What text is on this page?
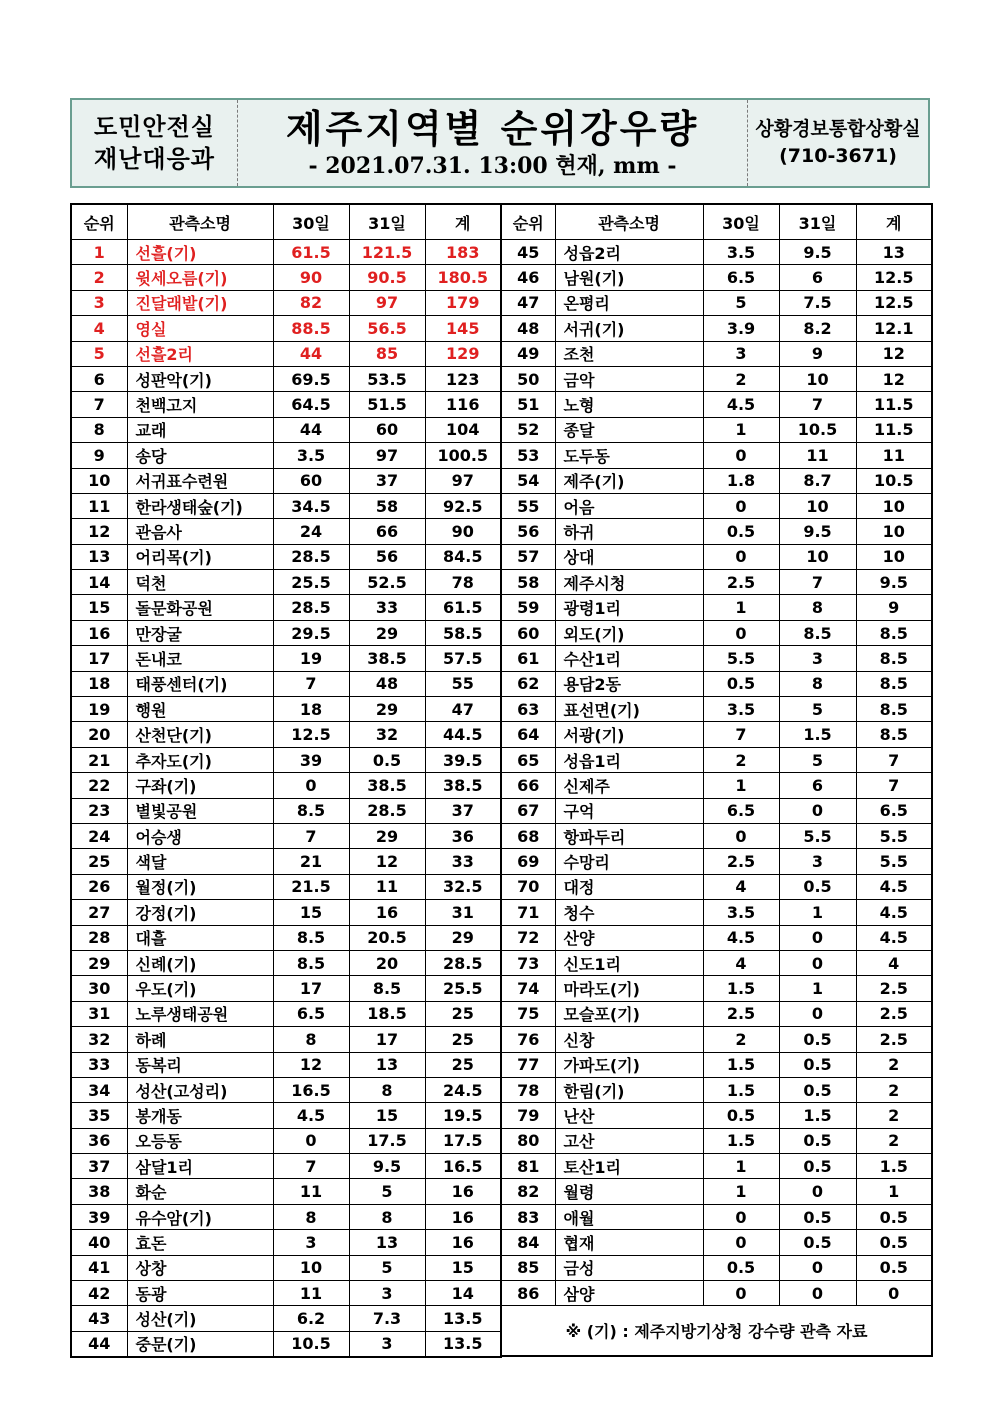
도민안전실
재난대응과
제주지역별 순위강우량
- 2021.07.31. 13:00 현재, mm -
상황경보통합상황실
(710-3671)
순위	관측소명	30일	31일	계
1	선흘(기)	61.5	121.5	183
2	윗세오름(기)	90	90.5	180.5
3	진달래밭(기)	82	97	179
4	영실	88.5	56.5	145
5	선흘2리	44	85	129
6	성판악(기)	69.5	53.5	123
7	천백고지	64.5	51.5	116
8	교래	44	60	104
9	송당	3.5	97	100.5
10	서귀표수련원	60	37	97
11	한라생태숲(기)	34.5	58	92.5
12	관음사	24	66	90
13	어리목(기)	28.5	56	84.5
14	덕천	25.5	52.5	78
15	돌문화공원	28.5	33	61.5
16	만장굴	29.5	29	58.5
17	돈내코	19	38.5	57.5
18	태풍센터(기)	7	48	55
19	행원	18	29	47
20	산천단(기)	12.5	32	44.5
21	추자도(기)	39	0.5	39.5
22	구좌(기)	0	38.5	38.5
23	별빛공원	8.5	28.5	37
24	어승생	7	29	36
25	색달	21	12	33
26	월정(기)	21.5	11	32.5
27	강정(기)	15	16	31
28	대흘	8.5	20.5	29
29	신례(기)	8.5	20	28.5
30	우도(기)	17	8.5	25.5
31	노루생태공원	6.5	18.5	25
32	하례	8	17	25
33	동복리	12	13	25
34	성산(고성리)	16.5	8	24.5
35	봉개동	4.5	15	19.5
36	오등동	0	17.5	17.5
37	삼달1리	7	9.5	16.5
38	화순	11	5	16
39	유수암(기)	8	8	16
40	효돈	3	13	16
41	상창	10	5	15
42	동광	11	3	14
43	성산(기)	6.2	7.3	13.5
44	중문(기)	10.5	3	13.5
순위	관측소명	30일	31일	계
45	성읍2리	3.5	9.5	13
46	남원(기)	6.5	6	12.5
47	온평리	5	7.5	12.5
48	서귀(기)	3.9	8.2	12.1
49	조천	3	9	12
50	금악	2	10	12
51	노형	4.5	7	11.5
52	종달	1	10.5	11.5
53	도두동	0	11	11
54	제주(기)	1.8	8.7	10.5
55	어음	0	10	10
56	하귀	0.5	9.5	10
57	상대	0	10	10
58	제주시청	2.5	7	9.5
59	광령1리	1	8	9
60	외도(기)	0	8.5	8.5
61	수산1리	5.5	3	8.5
62	용담2동	0.5	8	8.5
63	표선면(기)	3.5	5	8.5
64	서광(기)	7	1.5	8.5
65	성읍1리	2	5	7
66	신제주	1	6	7
67	구억	6.5	0	6.5
68	항파두리	0	5.5	5.5
69	수망리	2.5	3	5.5
70	대정	4	0.5	4.5
71	청수	3.5	1	4.5
72	산양	4.5	0	4.5
73	신도1리	4	0	4
74	마라도(기)	1.5	1	2.5
75	모슬포(기)	2.5	0	2.5
76	신창	2	0.5	2.5
77	가파도(기)	1.5	0.5	2
78	한림(기)	1.5	0.5	2
79	난산	0.5	1.5	2
80	고산	1.5	0.5	2
81	토산1리	1	0.5	1.5
82	월령	1	0	1
83	애월	0	0.5	0.5
84	협재	0	0.5	0.5
85	금성	0.5	0	0.5
86	삼양	0	0	0
※ (기) : 제주지방기상청 강수량 관측 자료				
